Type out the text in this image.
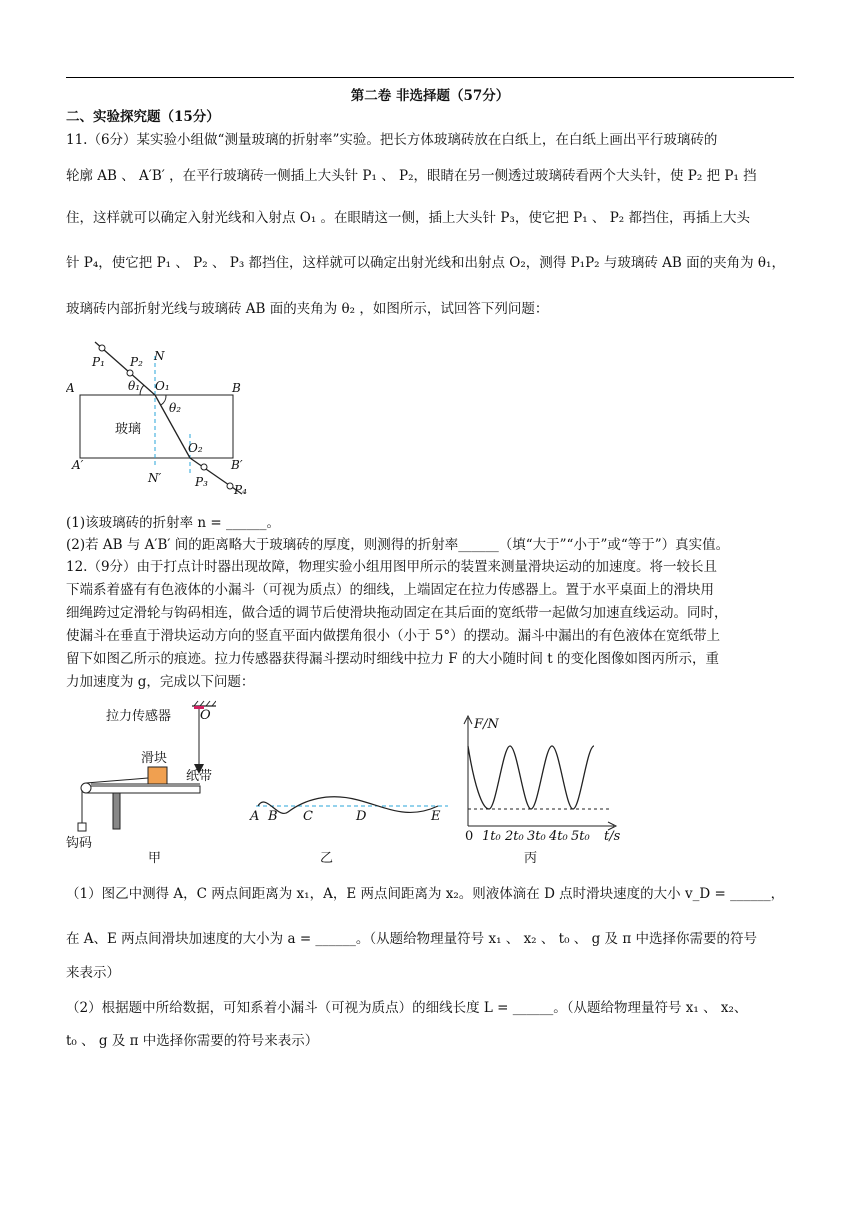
第二卷 非选择题（57分）
二、实验探究题（15分）
11.（6分）某实验小组做“测量玻璃的折射率”实验。把长方体玻璃砖放在白纸上，在白纸上画出平行玻璃砖的
轮廓 AB 、 A′B′ ，在平行玻璃砖一侧插上大头针 P₁ 、 P₂，眼睛在另一侧透过玻璃砖看两个大头针，使 P₂ 把 P₁ 挡
住，这样就可以确定入射光线和入射点 O₁ 。在眼睛这一侧，插上大头针 P₃，使它把 P₁ 、 P₂ 都挡住，再插上大头
针 P₄，使它把 P₁ 、 P₂ 、 P₃ 都挡住，这样就可以确定出射光线和出射点 O₂，测得 P₁P₂ 与玻璃砖 AB 面的夹角为 θ₁，
玻璃砖内部折射光线与玻璃砖 AB 面的夹角为 θ₂ ，如图所示，试回答下列问题：
P₁ P₂ N
A	B
θ₁ O₁
θ₂
玻璃
O₂
A′	B′
N′	P₃
P₄
(1)该玻璃砖的折射率 n = ______。
(2)若 AB 与 A′B′ 间的距离略大于玻璃砖的厚度，则测得的折射率______（填“大于”“小于”或“等于”）真实值。
12.（9分）由于打点计时器出现故障，物理实验小组用图甲所示的装置来测量滑块运动的加速度。将一较长且
下端系着盛有有色液体的小漏斗（可视为质点）的细线，上端固定在拉力传感器上。置于水平桌面上的滑块用
细绳跨过定滑轮与钩码相连，做合适的调节后使滑块拖动固定在其后面的宽纸带一起做匀加速直线运动。同时，
使漏斗在垂直于滑块运动方向的竖直平面内做摆角很小（小于 5°）的摆动。漏斗中漏出的有色液体在宽纸带上
留下如图乙所示的痕迹。拉力传感器获得漏斗摆动时细线中拉力 F 的大小随时间 t 的变化图像如图丙所示，重
力加速度为 g，完成以下问题：
拉力传感器 O
滑块
纸带
钩码
甲
A B C	D	E
乙
F/N
t/s
0 1t₀ 2t₀ 3t₀ 4t₀ 5t₀
丙
（1）图乙中测得 A，C 两点间距离为 x₁，A，E 两点间距离为 x₂。则液体滴在 D 点时滑块速度的大小 v_D = ______，
在 A、E 两点间滑块加速度的大小为 a = ______。（从题给物理量符号 x₁ 、 x₂ 、 t₀ 、 g 及 π 中选择你需要的符号
来表示）
（2）根据题中所给数据，可知系着小漏斗（可视为质点）的细线长度 L = ______。（从题给物理量符号 x₁ 、 x₂、
t₀ 、 g 及 π 中选择你需要的符号来表示）
